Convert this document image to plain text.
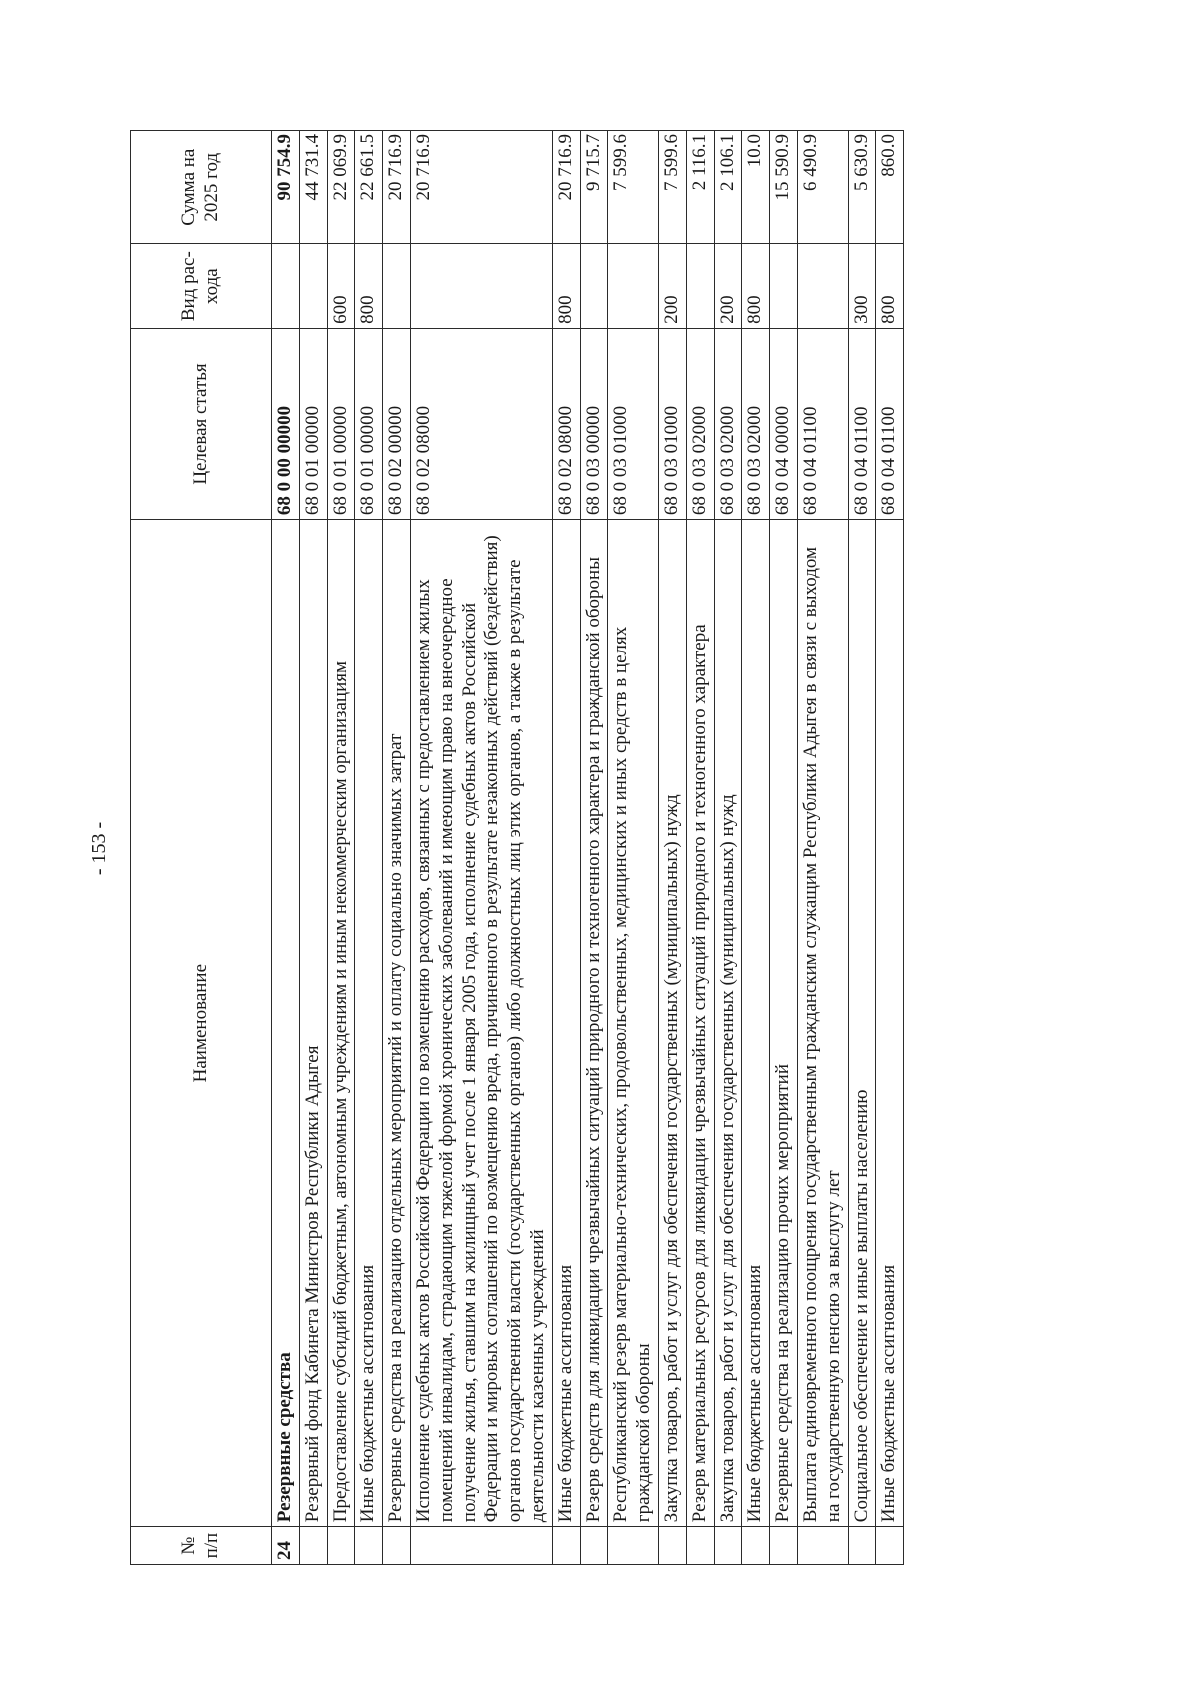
- 153 -
№ п/п	Наименование	Целевая статья	Вид рас- хода	Сумма на 2025 год
24	Резервные средства	68 0 00 00000		90 754.9
	Резервный фонд Кабинета Министров Республики Адыгея	68 0 01 00000		44 731.4
	Предоставление субсидий бюджетным, автономным учреждениям и иным некоммерческим организациям	68 0 01 00000	600	22 069.9
	Иные бюджетные ассигнования	68 0 01 00000	800	22 661.5
	Резервные средства на реализацию отдельных мероприятий и оплату социально значимых затрат	68 0 02 00000		20 716.9
	Исполнение судебных актов Российской Федерации по возмещению расходов, связанных с предоставлением жилых помещений инвалидам, страдающим тяжелой формой хронических заболеваний и имеющим право на внеочередное получение жилья, ставшим на жилищный учет после 1 января 2005 года, исполнение судебных актов Российской Федерации и мировых соглашений по возмещению вреда, причиненного в результате незаконных действий (бездействия) органов государственной власти (государственных органов) либо должностных лиц этих органов, а также в результате деятельности казенных учреждений	68 0 02 08000		20 716.9
	Иные бюджетные ассигнования	68 0 02 08000	800	20 716.9
	Резерв средств для ликвидации чрезвычайных ситуаций природного и техногенного характера и гражданской обороны	68 0 03 00000		9 715.7
	Республиканский резерв материально-технических, продовольственных, медицинских и иных средств в целях гражданской обороны	68 0 03 01000		7 599.6
	Закупка товаров, работ и услуг для обеспечения государственных (муниципальных) нужд	68 0 03 01000	200	7 599.6
	Резерв материальных ресурсов для ликвидации чрезвычайных ситуаций природного и техногенного характера	68 0 03 02000		2 116.1
	Закупка товаров, работ и услуг для обеспечения государственных (муниципальных) нужд	68 0 03 02000	200	2 106.1
	Иные бюджетные ассигнования	68 0 03 02000	800	10.0
	Резервные средства на реализацию прочих мероприятий	68 0 04 00000		15 590.9
	Выплата единовременного поощрения государственным гражданским служащим Республики Адыгея в связи с выходом на государственную пенсию за выслугу лет	68 0 04 01100		6 490.9
	Социальное обеспечение и иные выплаты населению	68 0 04 01100	300	5 630.9
	Иные бюджетные ассигнования	68 0 04 01100	800	860.0
